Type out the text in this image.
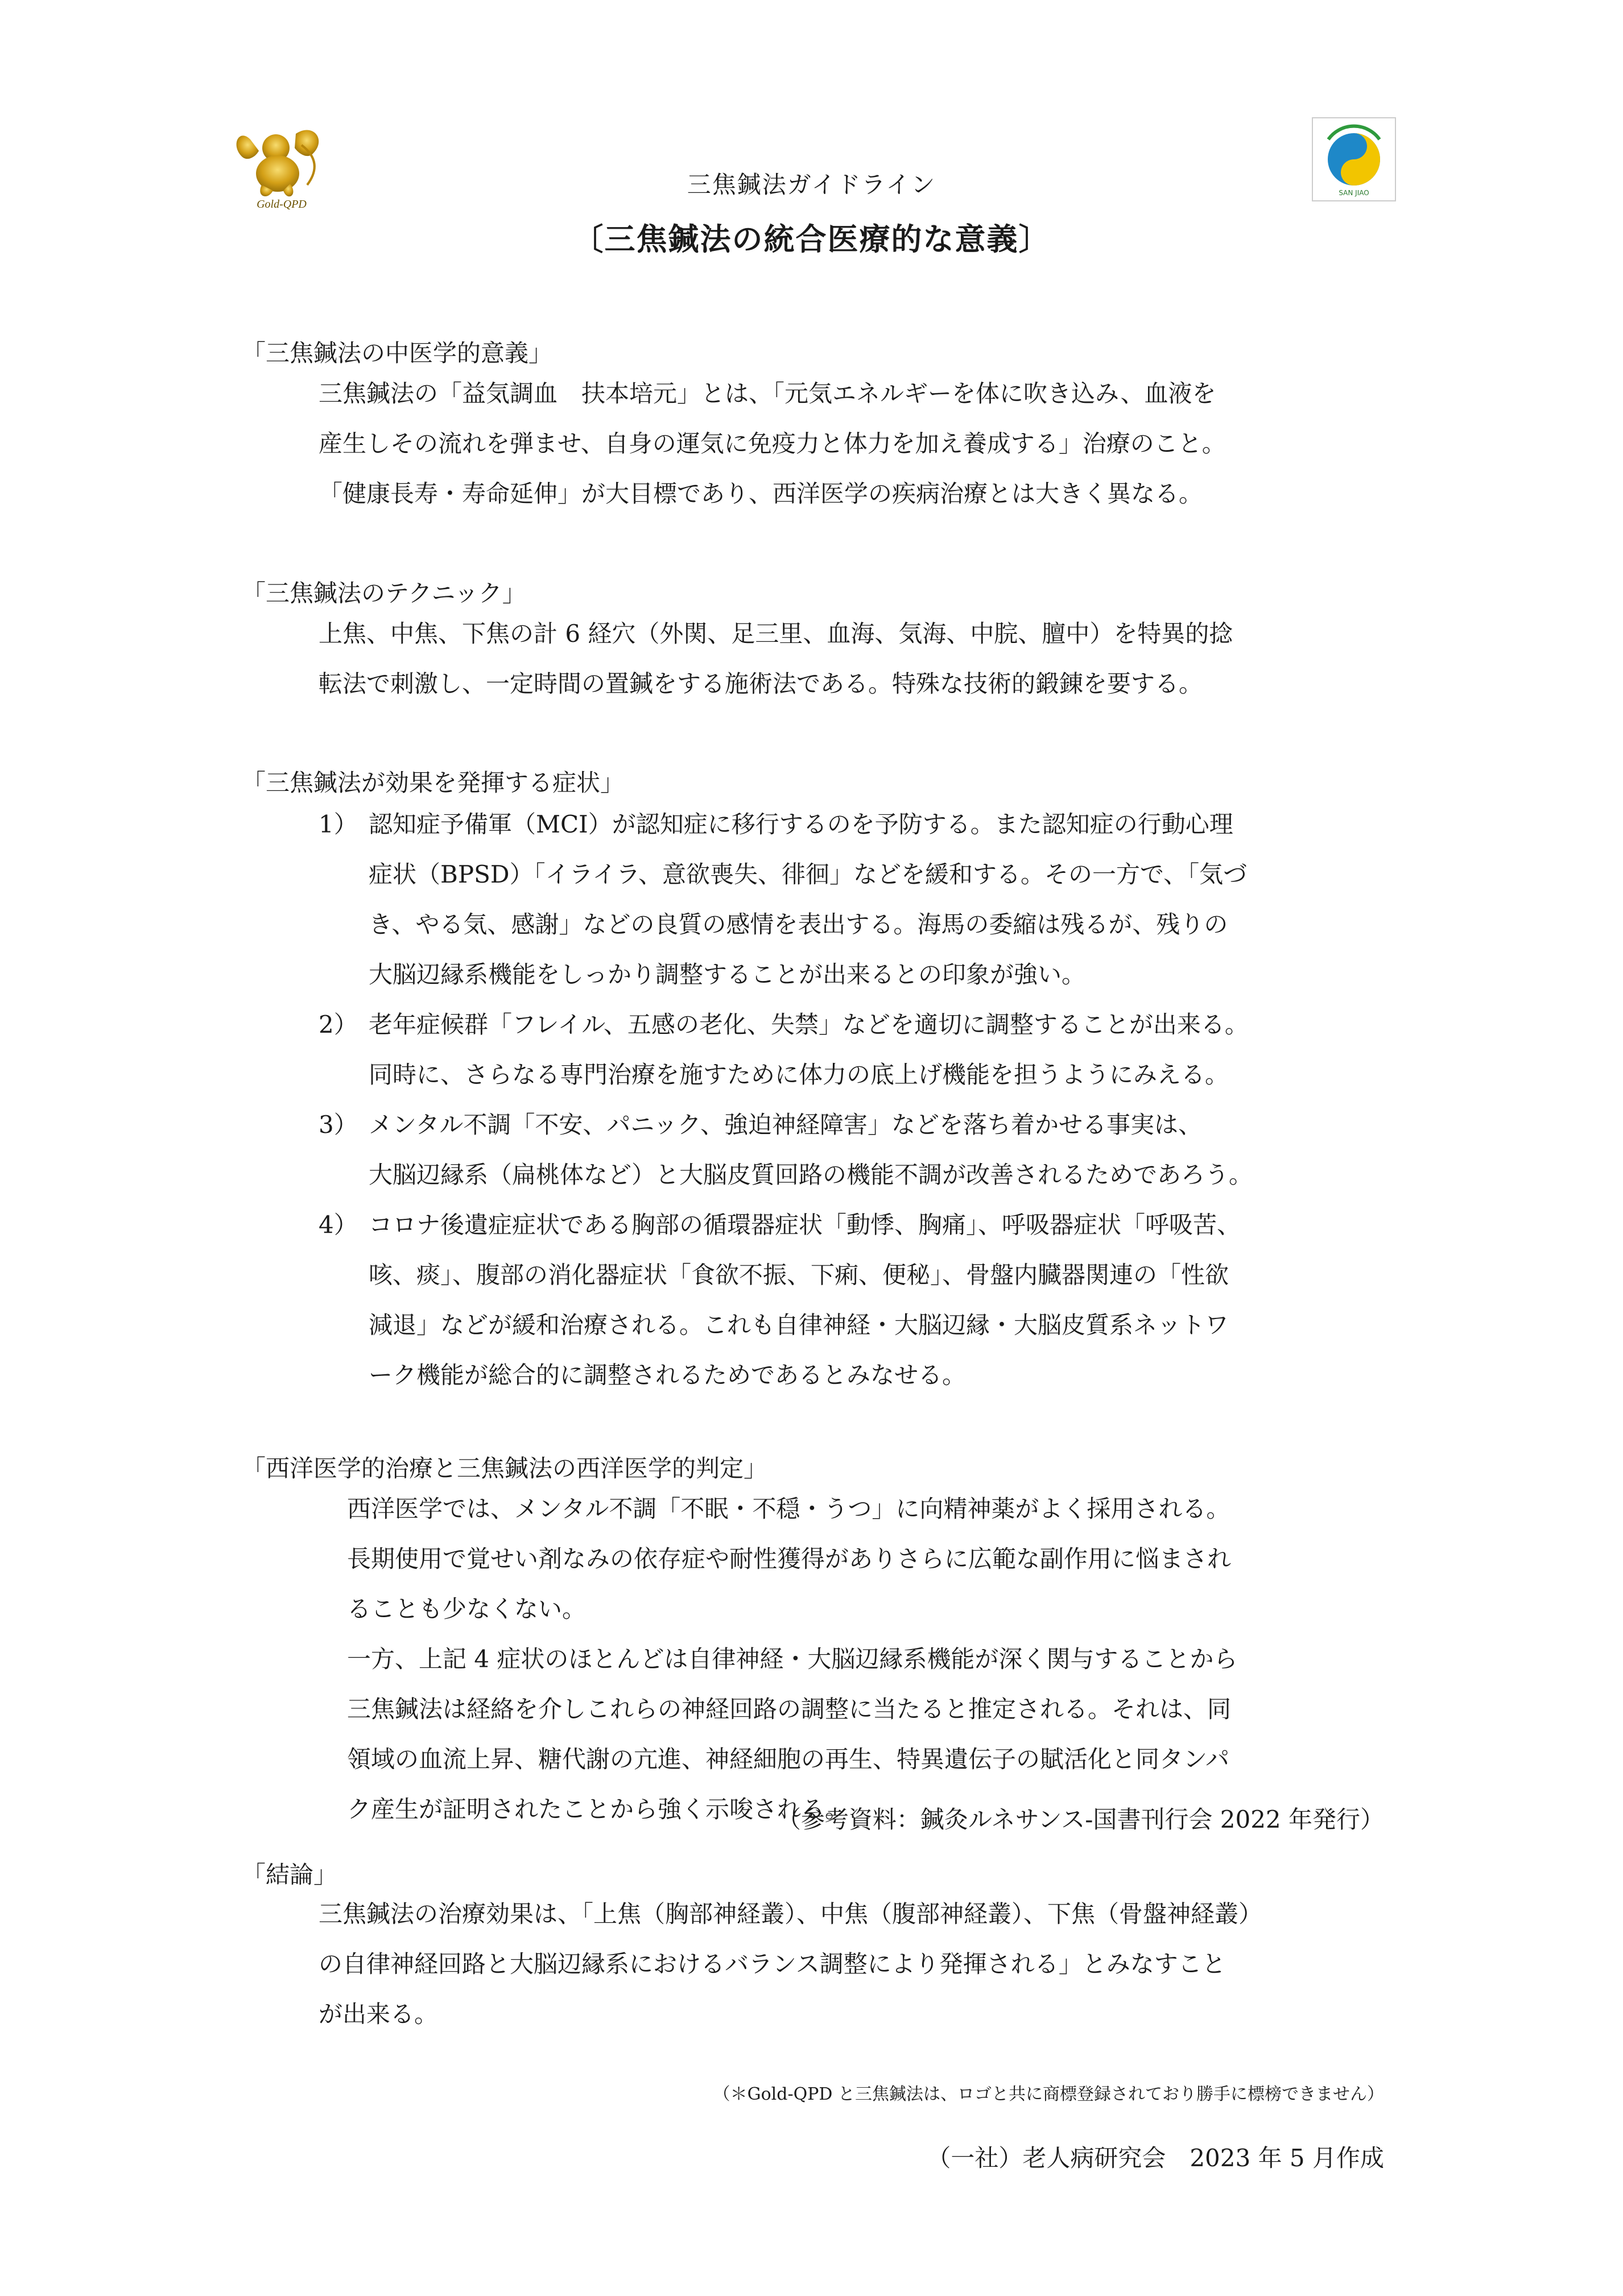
Gold-QPD
SAN JIAO
三焦鍼法ガイドライン
〔三焦鍼法の統合医療的な意義〕
「三焦鍼法の中医学的意義」
三焦鍼法の「益気調血　扶本培元」とは、「元気エネルギーを体に吹き込み、血液を
産生しその流れを弾ませ、自身の運気に免疫力と体力を加え養成する」治療のこと。
「健康長寿・寿命延伸」が大目標であり、西洋医学の疾病治療とは大きく異なる。
「三焦鍼法のテクニック」
上焦、中焦、下焦の計 6 経穴（外関、足三里、血海、気海、中脘、膻中）を特異的捻
転法で刺激し、一定時間の置鍼をする施術法である。特殊な技術的鍛錬を要する。
「三焦鍼法が効果を発揮する症状」
1） 認知症予備軍（MCI）が認知症に移行するのを予防する。また認知症の行動心理
症状（BPSD）「イライラ、意欲喪失、徘徊」などを緩和する。その一方で、「気づ
き、やる気、感謝」などの良質の感情を表出する。海馬の委縮は残るが、残りの
大脳辺縁系機能をしっかり調整することが出来るとの印象が強い。
2） 老年症候群「フレイル、五感の老化、失禁」などを適切に調整することが出来る。
同時に、さらなる専門治療を施すために体力の底上げ機能を担うようにみえる。
3） メンタル不調「不安、パニック、強迫神経障害」などを落ち着かせる事実は、
大脳辺縁系（扁桃体など）と大脳皮質回路の機能不調が改善されるためであろう。
4） コロナ後遺症症状である胸部の循環器症状「動悸、胸痛」、呼吸器症状「呼吸苦、
咳、痰」、腹部の消化器症状「食欲不振、下痢、便秘」、骨盤内臓器関連の「性欲
減退」などが緩和治療される。これも自律神経・大脳辺縁・大脳皮質系ネットワ
ーク機能が総合的に調整されるためであるとみなせる。
「西洋医学的治療と三焦鍼法の西洋医学的判定」
西洋医学では、メンタル不調「不眠・不穏・うつ」に向精神薬がよく採用される。
長期使用で覚せい剤なみの依存症や耐性獲得がありさらに広範な副作用に悩まされ
ることも少なくない。
一方、上記 4 症状のほとんどは自律神経・大脳辺縁系機能が深く関与することから
三焦鍼法は経絡を介しこれらの神経回路の調整に当たると推定される。それは、同
領域の血流上昇、糖代謝の亢進、神経細胞の再生、特異遺伝子の賦活化と同タンパ
ク産生が証明されたことから強く示唆される。
（参考資料：鍼灸ルネサンス-国書刊行会 2022 年発行）
「結論」
三焦鍼法の治療効果は、「上焦（胸部神経叢）、中焦（腹部神経叢）、下焦（骨盤神経叢）
の自律神経回路と大脳辺縁系におけるバランス調整により発揮される」とみなすこと
が出来る。
（＊Gold-QPD と三焦鍼法は、ロゴと共に商標登録されており勝手に標榜できません）
（一社）老人病研究会　2023 年 5 月作成
